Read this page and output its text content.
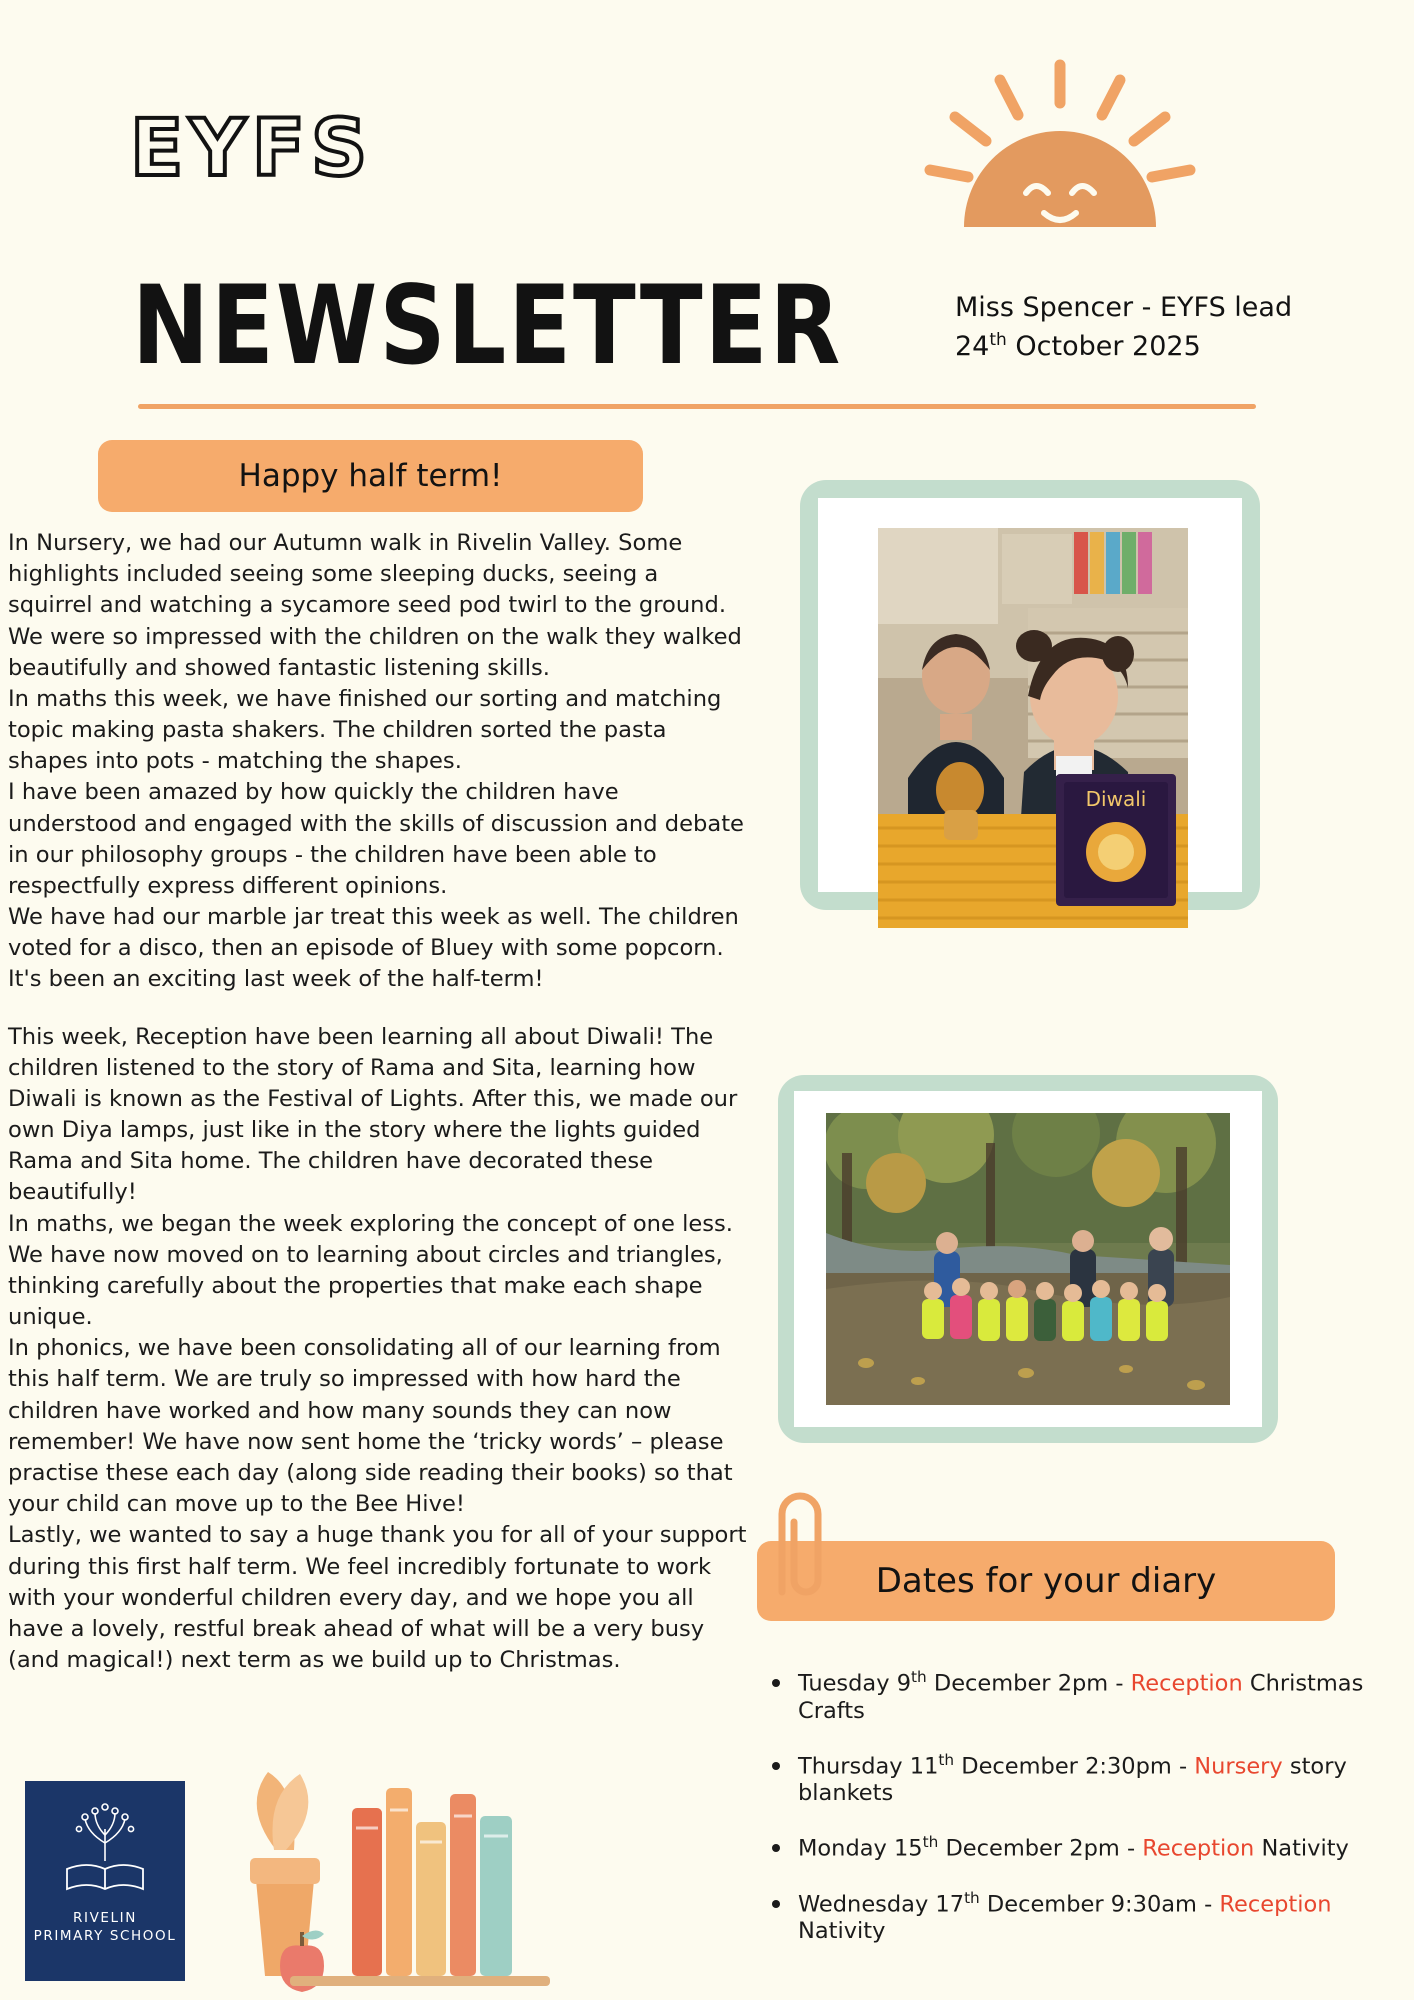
EYFS
NEWSLETTER	Miss Spencer - EYFS lead
24th October 2025
Happy half term!
Dates for your diary

In Nursery, we had our Autumn walk in Rivelin Valley. Some highlights included seeing some sleeping ducks, seeing a squirrel and watching a sycamore seed pod twirl to the ground. We were so impressed with the children on the walk they walked beautifully and showed fantastic listening skills.

In maths this week, we have finished our sorting and matching topic making pasta shakers. The children sorted the pasta shapes into pots - matching the shapes.

I have been amazed by how quickly the children have understood and engaged with the skills of discussion and debate in our philosophy groups - the children have been able to respectfully express different opinions.

We have had our marble jar treat this week as well. The children voted for a disco, then an episode of Bluey with some popcorn.

It's been an exciting last week of the half-term!

This week, Reception have been learning all about Diwali! The children listened to the story of Rama and Sita, learning how Diwali is known as the Festival of Lights. After this, we made our own Diya lamps, just like in the story where the lights guided Rama and Sita home. The children have decorated these beautifully!

In maths, we began the week exploring the concept of one less. We have now moved on to learning about circles and triangles, thinking carefully about the properties that make each shape unique.

In phonics, we have been consolidating all of our learning from this half term. We are truly so impressed with how hard the children have worked and how many sounds they can now remember! We have now sent home the ‘tricky words’ – please practise these each day (along side reading their books) so that your child can move up to the Bee Hive!

Lastly, we wanted to say a huge thank you for all of your support during this first half term. We feel incredibly fortunate to work with your wonderful children every day, and we hope you all have a lovely, restful break ahead of what will be a very busy (and magical!) next term as we build up to Christmas.

Diwali
Tuesday 9th December 2pm - Reception Christmas Crafts
Thursday 11th December 2:30pm - Nursery story blankets
Monday 15th December 2pm - Reception Nativity
Wednesday 17th December 9:30am - Reception Nativity
RIVELIN
PRIMARY SCHOOL
